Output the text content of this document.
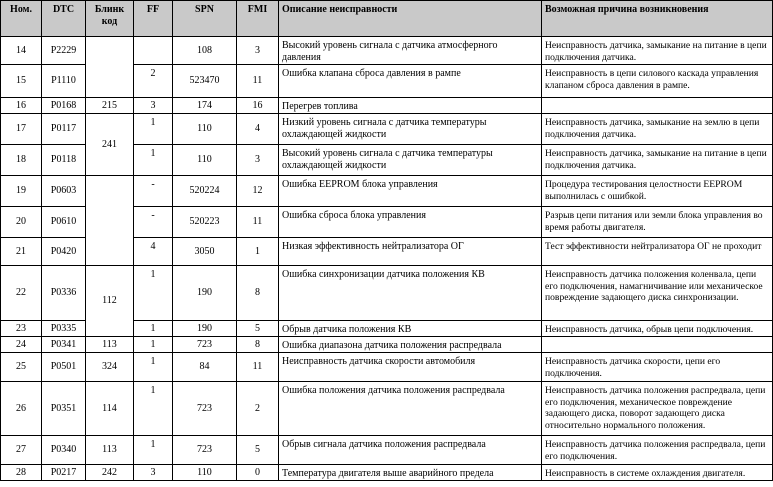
Ном.	DTC	Блинк код	FF	SPN	FMI	Описание неисправности	Возможная причина возникновения
14	P2229			108	3	Высокий уровень сигнала с датчика атмосферного давления	Неисправность датчика, замыкание на питание в цепи подключения датчика.
15	P1110		2	523470	11	Ошибка клапана сброса давления в рампе	Неисправность в цепи силового каскада управления клапаном сброса давления в рампе.
16	P0168	215	3	174	16	Перегрев топлива	
17	P0117	241	1	110	4	Низкий уровень сигнала с датчика температуры охлаждающей жидкости	Неисправность датчика, замыкание на землю в цепи подключения датчика.
18	P0118		1	110	3	Высокий уровень сигнала с датчика температуры охлаждающей жидкости	Неисправность датчика, замыкание на питание в цепи подключения датчика.
19	P0603		-	520224	12	Ошибка EEPROM блока управления	Процедура тестирования целостности EEPROM выполнилась с ошибкой.
20	P0610		-	520223	11	Ошибка сброса блока управления	Разрыв цепи питания или земли блока управления во время работы двигателя.
21	P0420		4	3050	1	Низкая эффективность нейтрализатора ОГ	Тест эффективности нейтрализатора ОГ не проходит
22	P0336	112	1	190	8	Ошибка синхронизации датчика положения КВ	Неисправность датчика положения коленвала, цепи его подключения, намагничивание или механическое повреждение задающего диска синхронизации.
23	P0335		1	190	5	Обрыв датчика положения КВ	Неисправность датчика, обрыв цепи подключения.
24	P0341	113	1	723	8	Ошибка диапазона датчика положения распредвала	
25	P0501	324	1	84	11	Неисправность датчика скорости автомобиля	Неисправность датчика скорости, цепи его подключения.
26	P0351	114	1	723	2	Ошибка положения датчика положения распредвала	Неисправность датчика положения распредвала, цепи его подключения, механическое повреждение задающего диска, поворот задающего диска относительно нормального положения.
27	P0340	113	1	723	5	Обрыв сигнала датчика положения распредвала	Неисправность датчика положения распредвала, цепи его подключения.
28	P0217	242	3	110	0	Температура двигателя выше аварийного предела	Неисправность в системе охлаждения двигателя.
